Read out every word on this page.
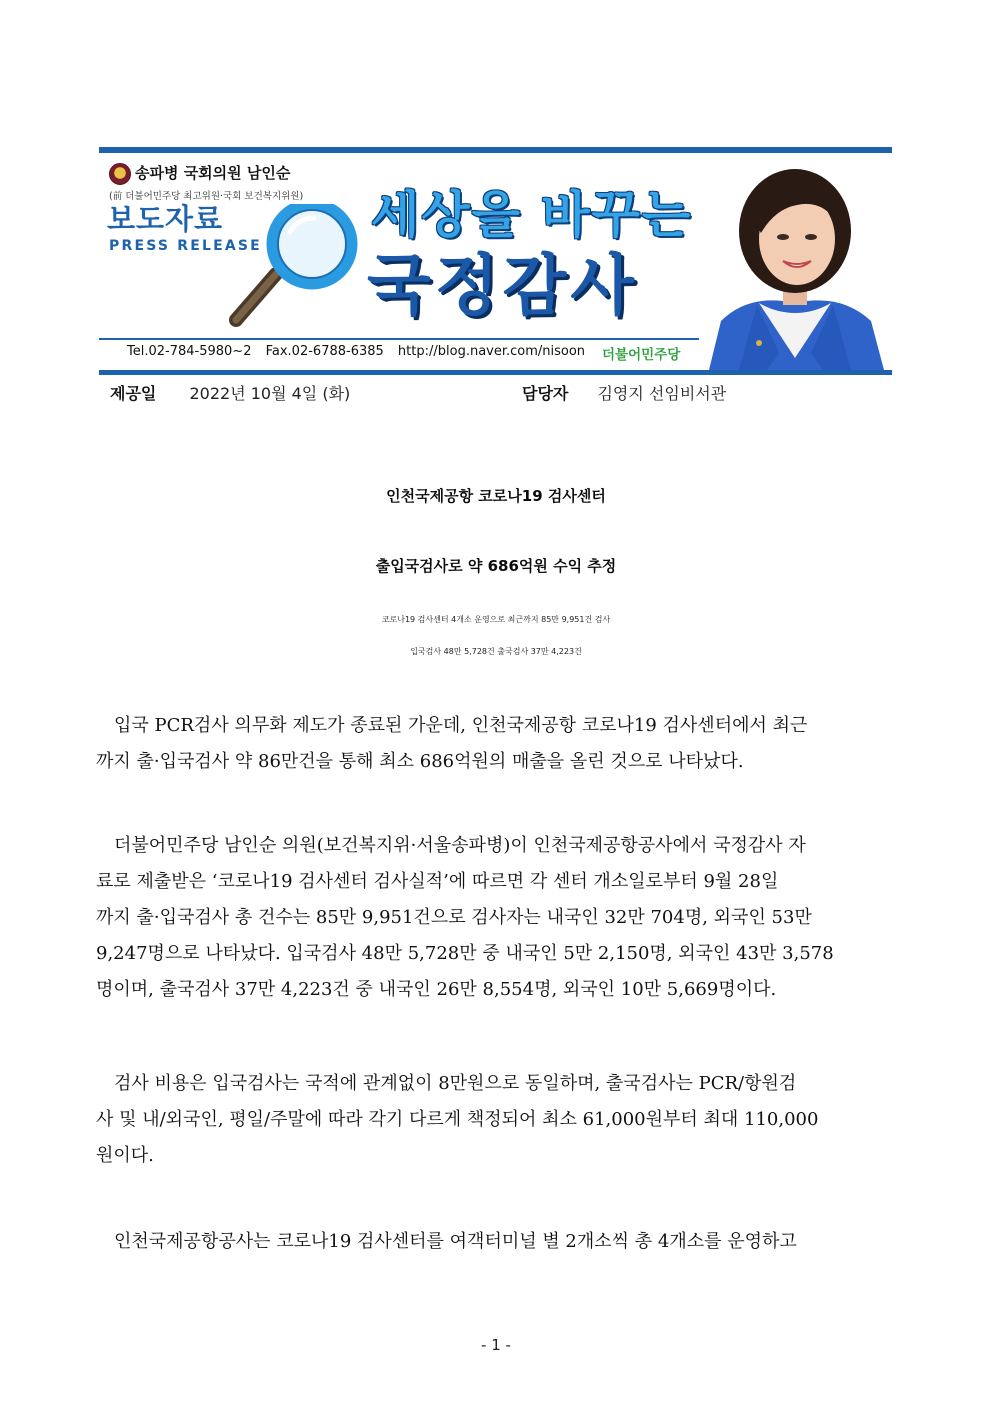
송파병 국회의원 남인순
(前 더불어민주당 최고위원·국회 보건복지위원)
보도자료
PRESS RELEASE
세상을 바꾸는
국정감사
Tel.02-784-5980~2 Fax.02-6788-6385 http://blog.naver.com/nisoon	더불어민주당
제공일 2022년 10월 4일 (화)	담당자 김영지 선임비서관
인천국제공항 코로나19 검사센터
출입국검사로 약 686억원 수익 추정
코로나19 검사센터 4개소 운영으로 최근까지 85만 9,951건 검사
입국검사 48만 5,728건 출국검사 37만 4,223건
입국 PCR검사 의무화 제도가 종료된 가운데, 인천국제공항 코로나19 검사센터에서 최근
까지 출·입국검사 약 86만건을 통해 최소 686억원의 매출을 올린 것으로 나타났다.
더불어민주당 남인순 의원(보건복지위·서울송파병)이 인천국제공항공사에서 국정감사 자
료로 제출받은 ‘코로나19 검사센터 검사실적’에 따르면 각 센터 개소일로부터 9월 28일
까지 출·입국검사 총 건수는 85만 9,951건으로 검사자는 내국인 32만 704명, 외국인 53만
9,247명으로 나타났다. 입국검사 48만 5,728만 중 내국인 5만 2,150명, 외국인 43만 3,578
명이며, 출국검사 37만 4,223건 중 내국인 26만 8,554명, 외국인 10만 5,669명이다.
검사 비용은 입국검사는 국적에 관계없이 8만원으로 동일하며, 출국검사는 PCR/항원검
사 및 내/외국인, 평일/주말에 따라 각기 다르게 책정되어 최소 61,000원부터 최대 110,000
원이다.
인천국제공항공사는 코로나19 검사센터를 여객터미널 별 2개소씩 총 4개소를 운영하고
- 1 -
